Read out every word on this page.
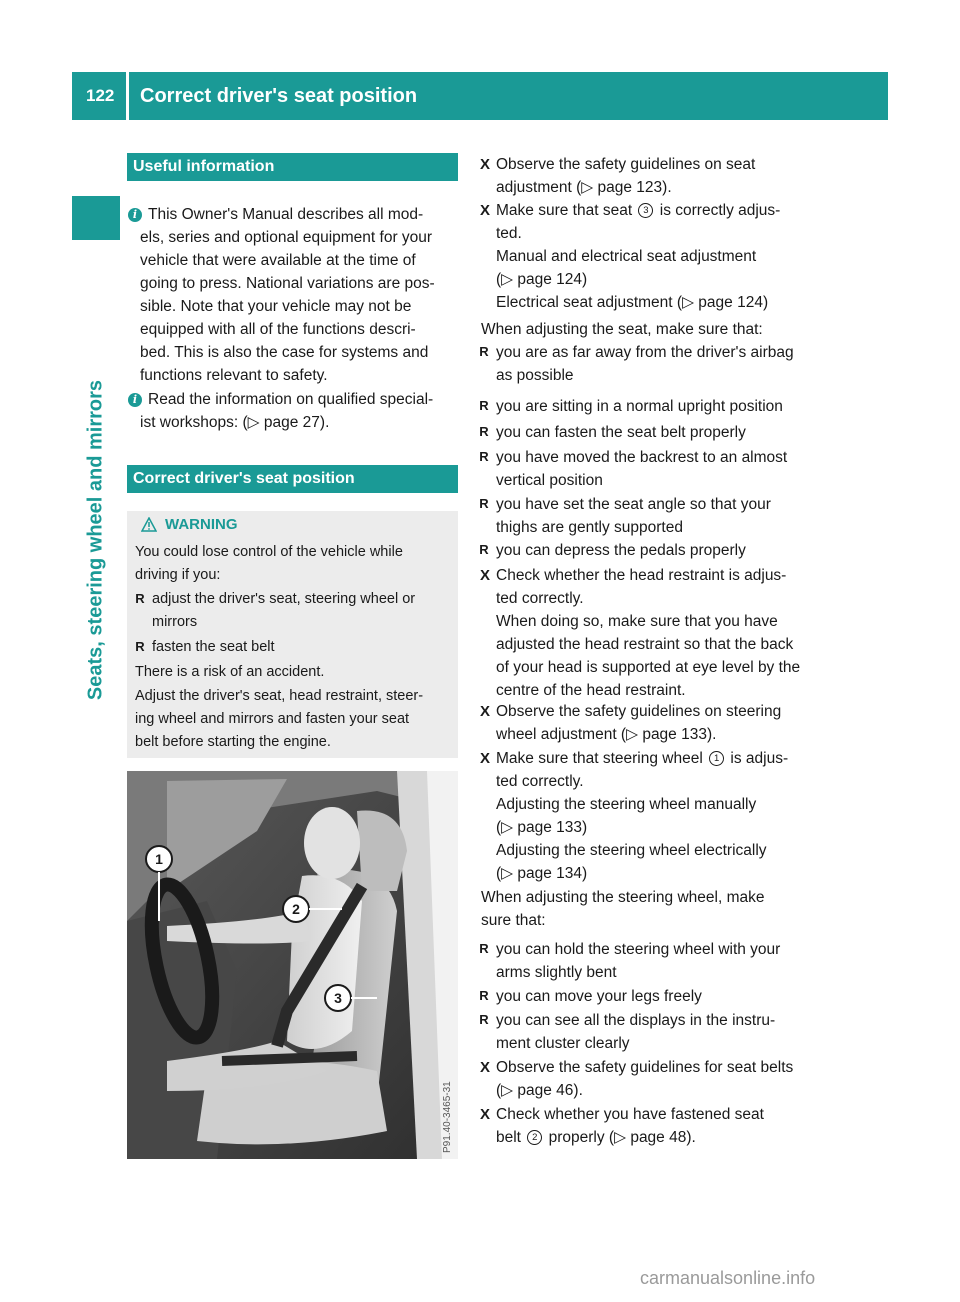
122 Correct driver's seat position
Seats, steering wheel and mirrors
Useful information
i This Owner's Manual describes all mod-
els, series and optional equipment for your
vehicle that were available at the time of
going to press. National variations are pos-
sible. Note that your vehicle may not be
equipped with all of the functions descri-
bed. This is also the case for systems and
functions relevant to safety.
i Read the information on qualified special-
ist workshops: (▷ page 27).
Correct driver's seat position
WARNING
You could lose control of the vehicle while
driving if you:
R adjust the driver's seat, steering wheel or
mirrors
R fasten the seat belt
There is a risk of an accident.
Adjust the driver's seat, head restraint, steer-
ing wheel and mirrors and fasten your seat
belt before starting the engine.
1
2
3
P91.40-3465-31
X Observe the safety guidelines on seat
adjustment (▷ page 123).
X Make sure that seat 3 is correctly adjus-
ted.
Manual and electrical seat adjustment
(▷ page 124)
Electrical seat adjustment (▷ page 124)
When adjusting the seat, make sure that:
R you are as far away from the driver's airbag
as possible
R you are sitting in a normal upright position
R you can fasten the seat belt properly
R you have moved the backrest to an almost
vertical position
R you have set the seat angle so that your
thighs are gently supported
R you can depress the pedals properly
X Check whether the head restraint is adjus-
ted correctly.
When doing so, make sure that you have
adjusted the head restraint so that the back
of your head is supported at eye level by the
centre of the head restraint.
X Observe the safety guidelines on steering
wheel adjustment (▷ page 133).
X Make sure that steering wheel 1 is adjus-
ted correctly.
Adjusting the steering wheel manually
(▷ page 133)
Adjusting the steering wheel electrically
(▷ page 134)
When adjusting the steering wheel, make
sure that:
R you can hold the steering wheel with your
arms slightly bent
R you can move your legs freely
R you can see all the displays in the instru-
ment cluster clearly
X Observe the safety guidelines for seat belts
(▷ page 46).
X Check whether you have fastened seat
belt 2 properly (▷ page 48).
carmanualsonline.info
